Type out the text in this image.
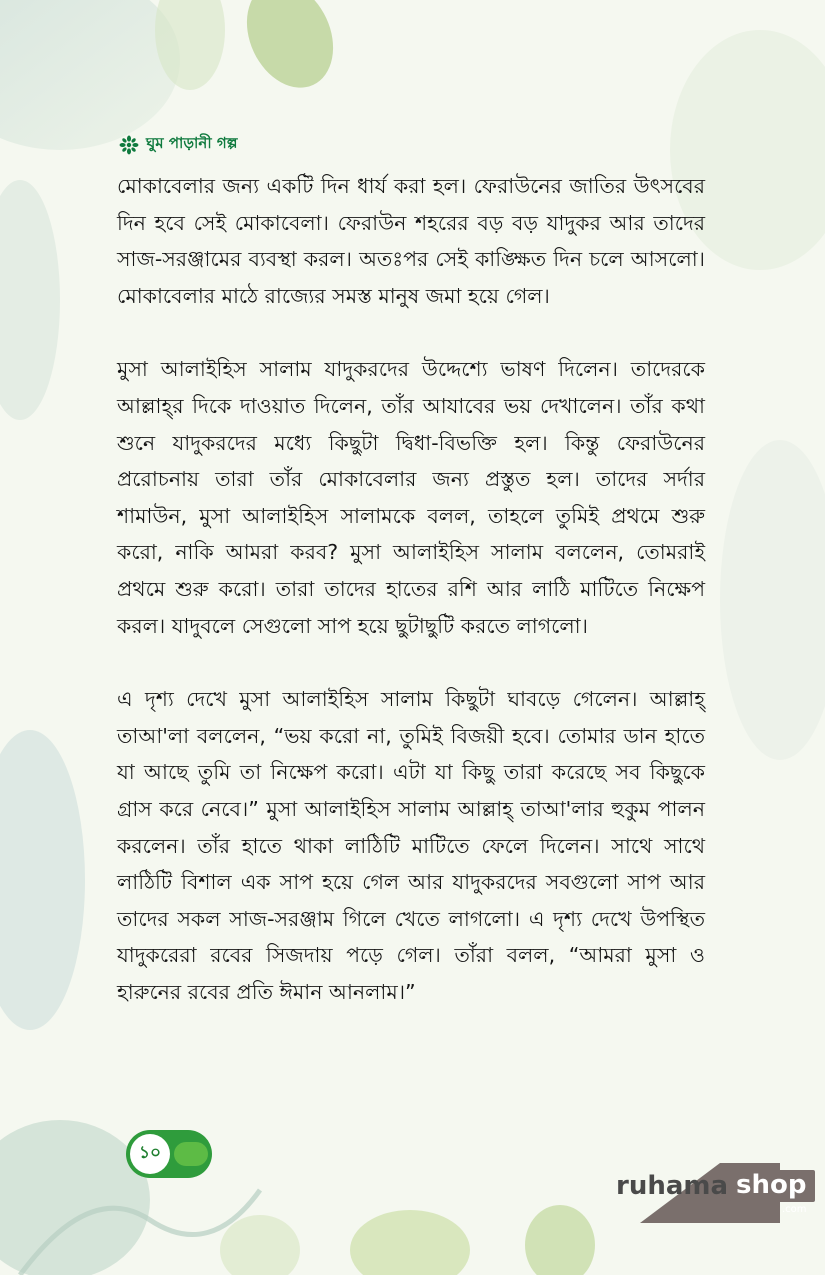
ঘুম পাড়ানী গল্প

মোকাবেলার জন্য একটি দিন ধার্য করা হল। ফেরাউনের জাতির উৎসবের দিন হবে সেই মোকাবেলা। ফেরাউন শহরের বড় বড় যাদুকর আর তাদের সাজ-সরঞ্জামের ব্যবস্থা করল। অতঃপর সেই কাঙ্ক্ষিত দিন চলে আসলো। মোকাবেলার মাঠে রাজ্যের সমস্ত মানুষ জমা হয়ে গেল।

মুসা আলাইহিস সালাম যাদুকরদের উদ্দেশ্যে ভাষণ দিলেন। তাদেরকে আল্লাহ্‌র দিকে দাওয়াত দিলেন, তাঁর আযাবের ভয় দেখালেন। তাঁর কথা শুনে যাদুকরদের মধ্যে কিছুটা দ্বিধা-বিভক্তি হল। কিন্তু ফেরাউনের প্ররোচনায় তারা তাঁর মোকাবেলার জন্য প্রস্তুত হল। তাদের সর্দার শামাউন, মুসা আলাইহিস সালামকে বলল, তাহলে তুমিই প্রথমে শুরু করো, নাকি আমরা করব? মুসা আলাইহিস সালাম বললেন, তোমরাই প্রথমে শুরু করো। তারা তাদের হাতের রশি আর লাঠি মাটিতে নিক্ষেপ করল। যাদুবলে সেগুলো সাপ হয়ে ছুটাছুটি করতে লাগলো।

এ দৃশ্য দেখে মুসা আলাইহিস সালাম কিছুটা ঘাবড়ে গেলেন। আল্লাহ্‌ তাআ'লা বললেন, “ভয় করো না, তুমিই বিজয়ী হবে। তোমার ডান হাতে যা আছে তুমি তা নিক্ষেপ করো। এটা যা কিছু তারা করেছে সব কিছুকে গ্রাস করে নেবে।” মুসা আলাইহিস সালাম আল্লাহ্‌ তাআ'লার হুকুম পালন করলেন। তাঁর হাতে থাকা লাঠিটি মাটিতে ফেলে দিলেন। সাথে সাথে লাঠিটি বিশাল এক সাপ হয়ে গেল আর যাদুকরদের সবগুলো সাপ আর তাদের সকল সাজ-সরঞ্জাম গিলে খেতে লাগলো। এ দৃশ্য দেখে উপস্থিত যাদুকরেরা রবের সিজদায় পড়ে গেল। তাঁরা বলল, “আমরা মুসা ও হারুনের রবের প্রতি ঈমান আনলাম।”

১০
ruhama shop
.com
